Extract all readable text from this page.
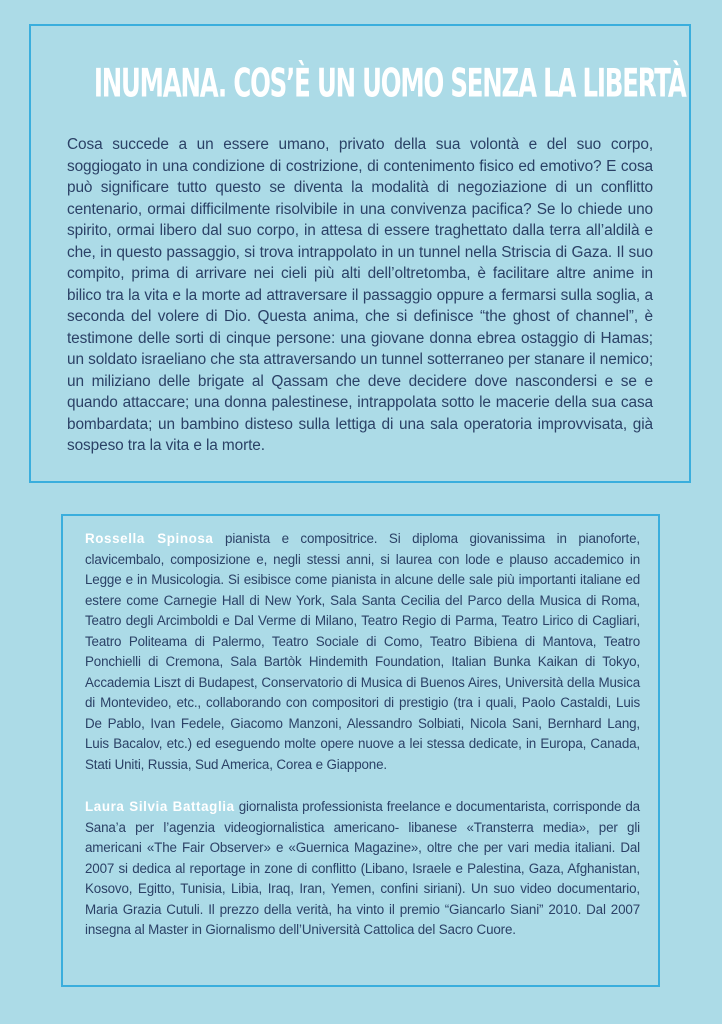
INUMANA. COS’È UN UOMO SENZA LA LIBERTÀ

Cosa succede a un essere umano, privato della sua volontà e del suo corpo, soggiogato in una condizione di costrizione, di contenimento fisico ed emotivo? E cosa può significare tutto questo se diventa la modalità di negoziazione di un conflitto centenario, ormai difficilmente risolvibile in una convivenza pacifica? Se lo chiede uno spirito, ormai libero dal suo corpo, in attesa di essere traghettato dalla terra all’aldilà e che, in questo passaggio, si trova intrappolato in un tunnel nella Striscia di Gaza. Il suo compito, prima di arrivare nei cieli più alti dell’oltretomba, è facilitare altre anime in bilico tra la vita e la morte ad attraversare il passaggio oppure a fermarsi sulla soglia, a seconda del volere di Dio. Questa anima, che si definisce “the ghost of channel”, è testimone delle sorti di cinque persone: una giovane donna ebrea ostaggio di Hamas; un soldato israeliano che sta attraversando un tunnel sotterraneo per stanare il nemico; un miliziano delle brigate al Qassam che deve decidere dove nascondersi e se e quando attaccare; una donna palestinese, intrappolata sotto le macerie della sua casa bombardata; un bambino disteso sulla lettiga di una sala operatoria improvvisata, già sospeso tra la vita e la morte.

Rossella Spinosa pianista e compositrice. Si diploma giovanissima in pianoforte, clavicembalo, composizione e, negli stessi anni, si laurea con lode e plauso accademico in Legge e in Musicologia. Si esibisce come pianista in alcune delle sale più importanti italiane ed estere come Carnegie Hall di New York, Sala Santa Cecilia del Parco della Musica di Roma, Teatro degli Arcimboldi e Dal Verme di Milano, Teatro Regio di Parma, Teatro Lirico di Cagliari, Teatro Politeama di Palermo, Teatro Sociale di Como, Teatro Bibiena di Mantova, Teatro Ponchielli di Cremona, Sala Bartòk Hindemith Foundation, Italian Bunka Kaikan di Tokyo, Accademia Liszt di Budapest, Conservatorio di Musica di Buenos Aires, Università della Musica di Montevideo, etc., collaborando con compositori di prestigio (tra i quali, Paolo Castaldi, Luis De Pablo, Ivan Fedele, Giacomo Manzoni, Alessandro Solbiati, Nicola Sani, Bernhard Lang, Luis Bacalov, etc.) ed eseguendo molte opere nuove a lei stessa dedicate, in Europa, Canada, Stati Uniti, Russia, Sud America, Corea e Giappone.

Laura Silvia Battaglia giornalista professionista freelance e documentarista, corrisponde da Sana’a per l’agenzia videogiornalistica americano- libanese «Transterra media», per gli americani «The Fair Observer» e «Guernica Magazine», oltre che per vari media italiani. Dal 2007 si dedica al reportage in zone di conflitto (Libano, Israele e Palestina, Gaza, Afghanistan, Kosovo, Egitto, Tunisia, Libia, Iraq, Iran, Yemen, confini siriani). Un suo video documentario, Maria Grazia Cutuli. Il prezzo della verità, ha vinto il premio “Giancarlo Siani” 2010. Dal 2007 insegna al Master in Giornalismo dell’Università Cattolica del Sacro Cuore.
